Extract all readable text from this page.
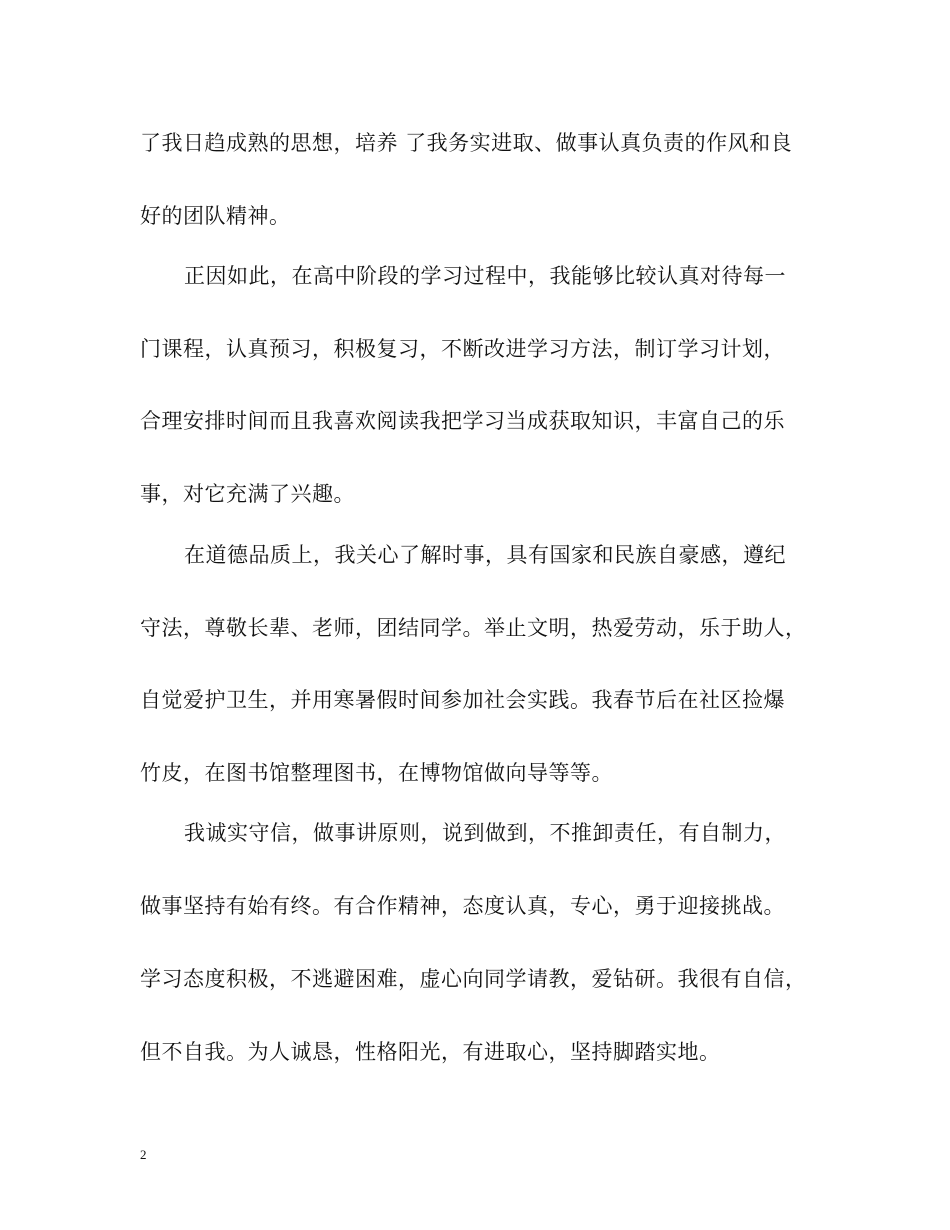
了我日趋成熟的思想，培养 了我务实进取、做事认真负责的作风和良
好的团队精神。
正因如此，在高中阶段的学习过程中，我能够比较认真对待每一
门课程，认真预习，积极复习，不断改进学习方法，制订学习计划，
合理安排时间而且我喜欢阅读我把学习当成获取知识，丰富自己的乐
事，对它充满了兴趣。
在道德品质上，我关心了解时事，具有国家和民族自豪感，遵纪
守法，尊敬长辈、老师，团结同学。举止文明，热爱劳动，乐于助人，
自觉爱护卫生，并用寒暑假时间参加社会实践。我春节后在社区捡爆
竹皮，在图书馆整理图书，在博物馆做向导等等。
我诚实守信，做事讲原则，说到做到，不推卸责任，有自制力，
做事坚持有始有终。有合作精神，态度认真，专心，勇于迎接挑战。
学习态度积极，不逃避困难，虚心向同学请教，爱钻研。我很有自信，
但不自我。为人诚恳，性格阳光，有进取心，坚持脚踏实地。
2
